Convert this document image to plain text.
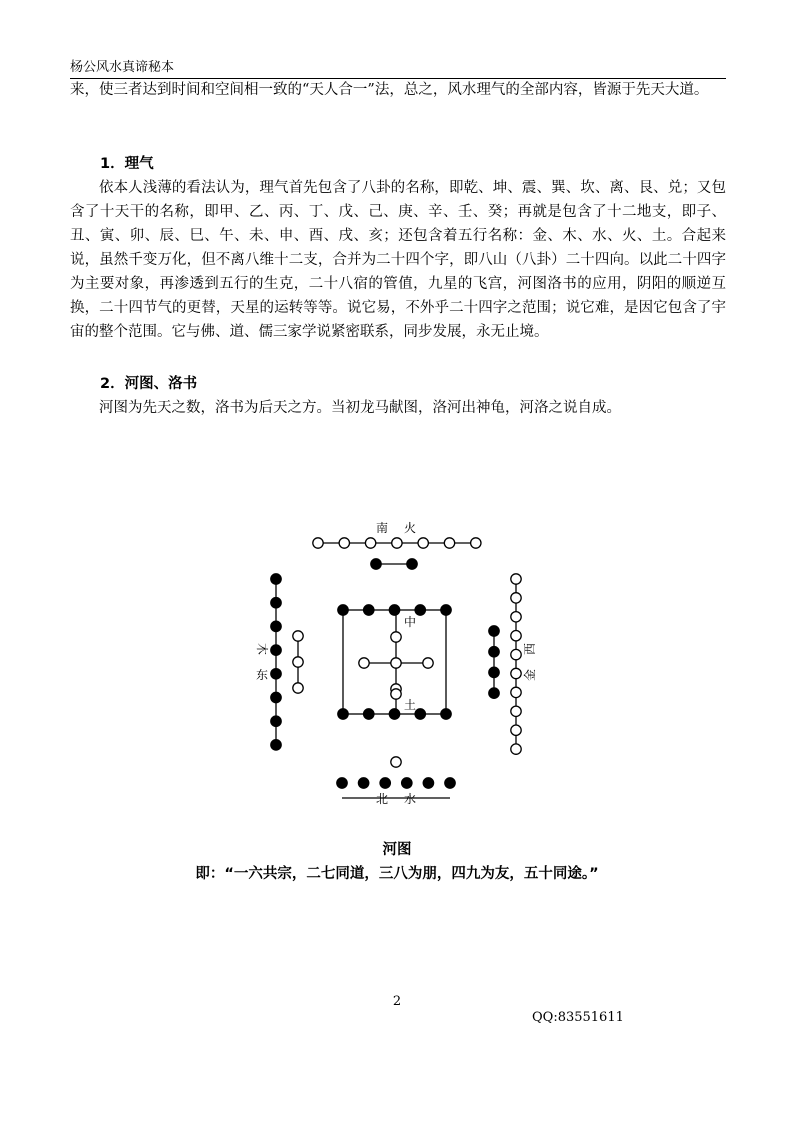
杨公风水真谛秘本

来，使三者达到时间和空间相一致的“天人合一”法，总之，风水理气的全部内容，皆源于先天大道。

1．理气

依本人浅薄的看法认为，理气首先包含了八卦的名称，即乾、坤、震、巽、坎、离、艮、兑；又包含了十天干的名称，即甲、乙、丙、丁、戊、己、庚、辛、壬、癸；再就是包含了十二地支，即子、丑、寅、卯、辰、巳、午、未、申、酉、戌、亥；还包含着五行名称：金、木、水、火、土。合起来说，虽然千变万化，但不离八维十二支，合并为二十四个字，即八山（八卦）二十四向。以此二十四字为主要对象，再渗透到五行的生克，二十八宿的管值，九星的飞宫，河图洛书的应用，阴阳的顺逆互换，二十四节气的更替，天星的运转等等。说它易，不外乎二十四字之范围；说它难，是因它包含了宇宙的整个范围。它与佛、道、儒三家学说紧密联系，同步发展，永无止境。

2．河图、洛书

河图为先天之数，洛书为后天之方。当初龙马献图，洛河出神龟，河洛之说自成。

南 火
东
木	西
金
北 水
中
土

河图

即：“一六共宗，二七同道，三八为朋，四九为友，五十同途。”

2
QQ:83551611
